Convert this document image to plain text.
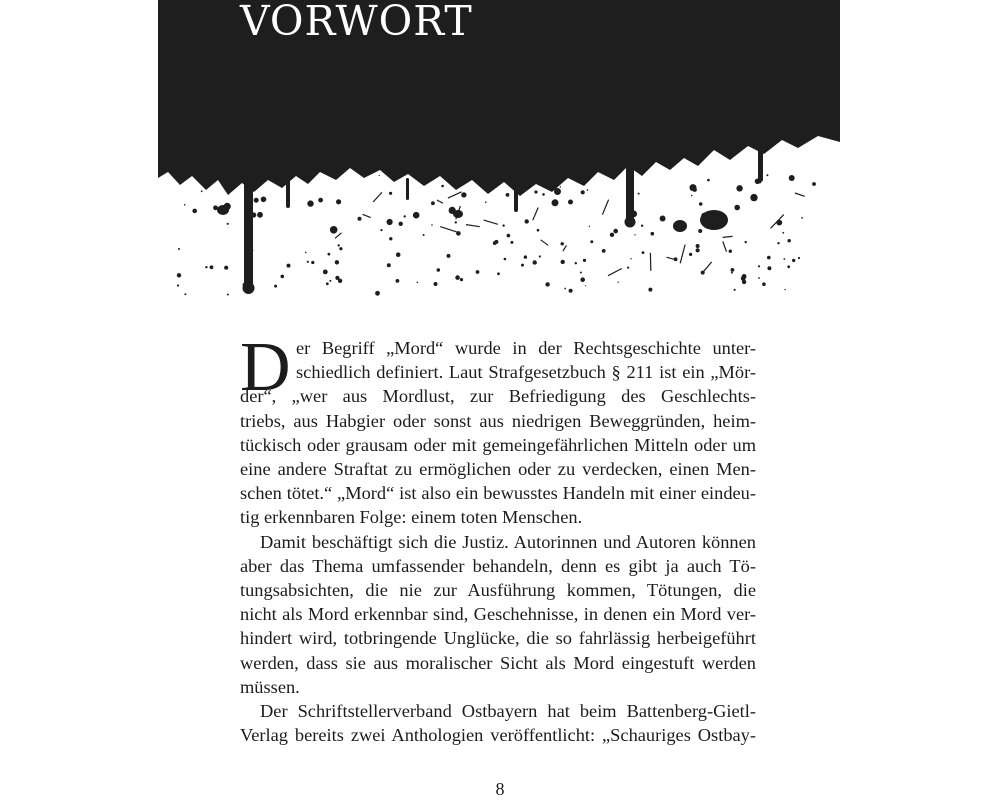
VORWORT
D er Begriff „Mord“ wurde in der Rechtsgeschichte unter-
schiedlich definiert. Laut Strafgesetzbuch § 211 ist ein „Mör-
der“, „wer aus Mordlust, zur Befriedigung des Geschlechts-
triebs, aus Habgier oder sonst aus niedrigen Beweggründen, heim-
tückisch oder grausam oder mit gemeingefährlichen Mitteln oder um
eine andere Straftat zu ermöglichen oder zu verdecken, einen Men-
schen tötet.“ „Mord“ ist also ein bewusstes Handeln mit einer eindeu-
tig erkennbaren Folge: einem toten Menschen.

Damit beschäftigt sich die Justiz. Autorinnen und Autoren können
aber das Thema umfassender behandeln, denn es gibt ja auch Tö-
tungsabsichten, die nie zur Ausführung kommen, Tötungen, die
nicht als Mord erkennbar sind, Geschehnisse, in denen ein Mord ver-
hindert wird, totbringende Unglücke, die so fahrlässig herbeigeführt
werden, dass sie aus moralischer Sicht als Mord eingestuft werden
müssen.

Der Schriftstellerverband Ostbayern hat beim Battenberg-Gietl-
Verlag bereits zwei Anthologien veröffentlicht: „Schauriges Ostbay-

8
